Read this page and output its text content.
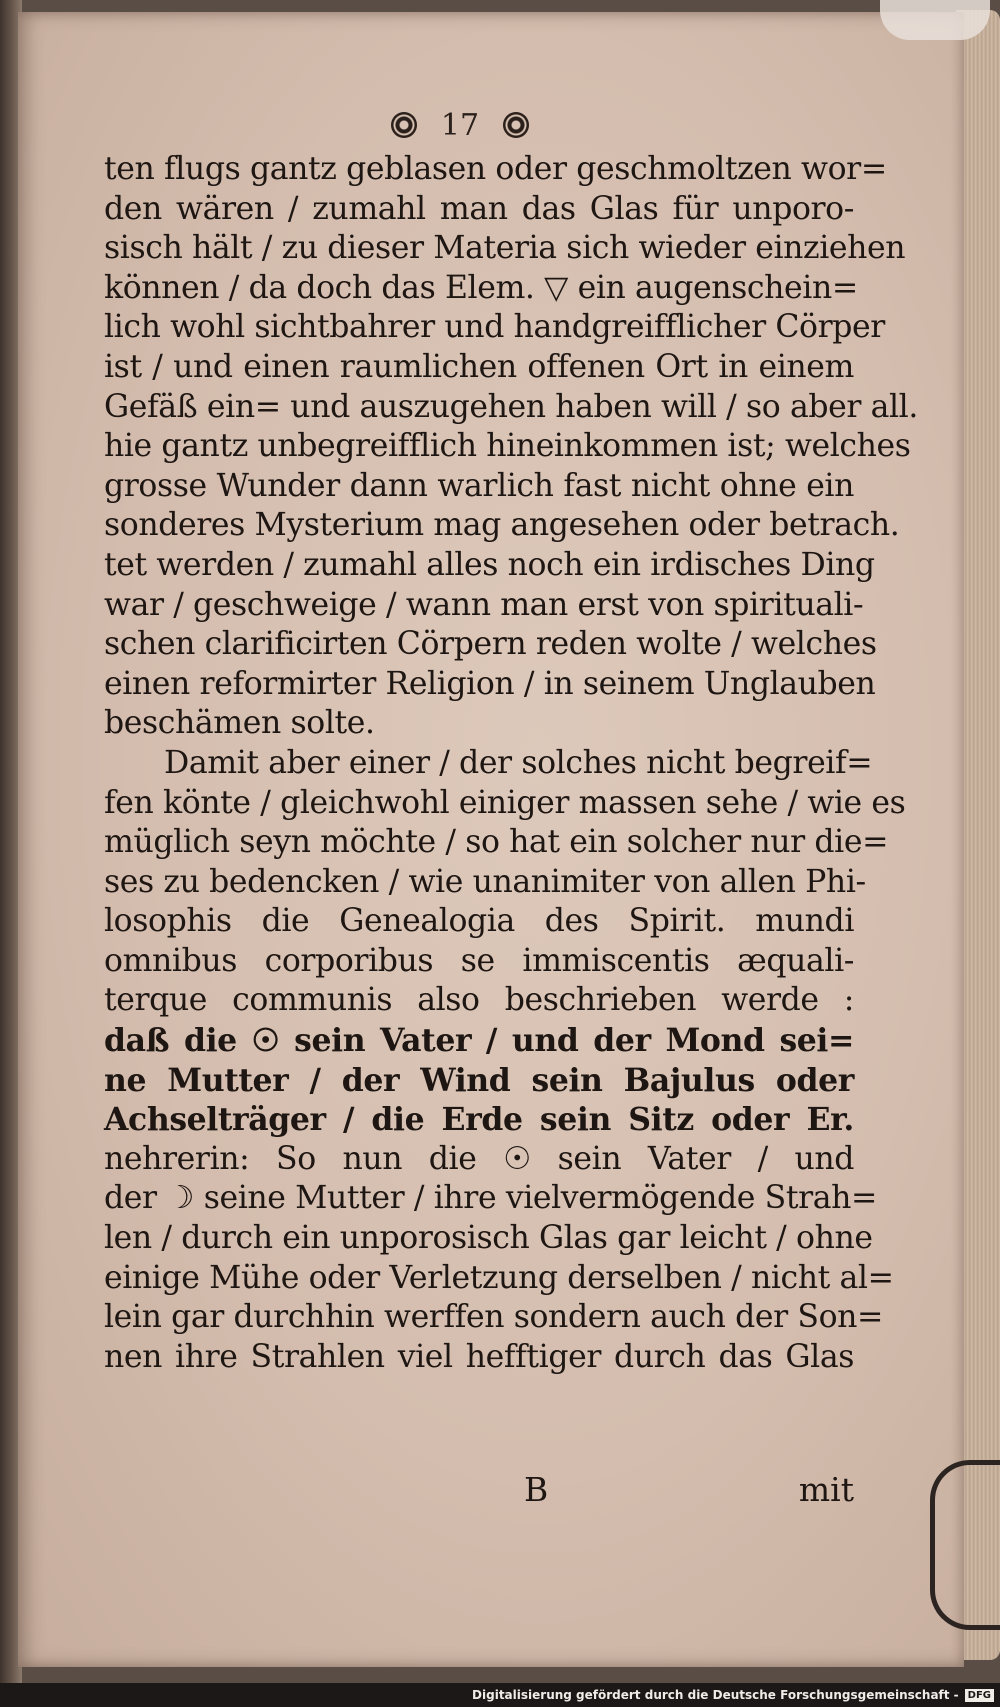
17
ten flugs gantz geblasen oder geschmoltzen wor=
den wären / zumahl man das Glas für unporo-
sisch hält / zu dieser Materia sich wieder einziehen
können / da doch das Elem. ▽ ein augenschein=
lich wohl sichtbahrer und handgreifflicher Cörper
ist / und einen raumlichen offenen Ort in einem
Gefäß ein= und auszugehen haben will / so aber all.
hie gantz unbegreifflich hineinkommen ist; welches
grosse Wunder dann warlich fast nicht ohne ein
sonderes Mysterium mag angesehen oder betrach.
tet werden / zumahl alles noch ein irdisches Ding
war / geschweige / wann man erst von spirituali-
schen clarificirten Cörpern reden wolte / welches
einen reformirter Religion / in seinem Unglauben
beschämen solte.
Damit aber einer / der solches nicht begreif=
fen könte / gleichwohl einiger massen sehe / wie es
müglich seyn möchte / so hat ein solcher nur die=
ses zu bedencken / wie unanimiter von allen Phi-
losophis die Genealogia des Spirit. mundi
omnibus corporibus se immiscentis æquali-
terque communis also beschrieben werde :
daß die ☉ sein Vater / und der Mond sei=
ne Mutter / der Wind sein Bajulus oder
Achselträger / die Erde sein Sitz oder Er.
nehrerin: So nun die ☉ sein Vater / und
der ☽ seine Mutter / ihre vielvermögende Strah=
len / durch ein unporosisch Glas gar leicht / ohne
einige Mühe oder Verletzung derselben / nicht al=
lein gar durchhin werffen sondern auch der Son=
nen ihre Strahlen viel hefftiger durch das Glas
B	mit
Digitalisierung gefördert durch die Deutsche Forschungsgemeinschaft - DFG
